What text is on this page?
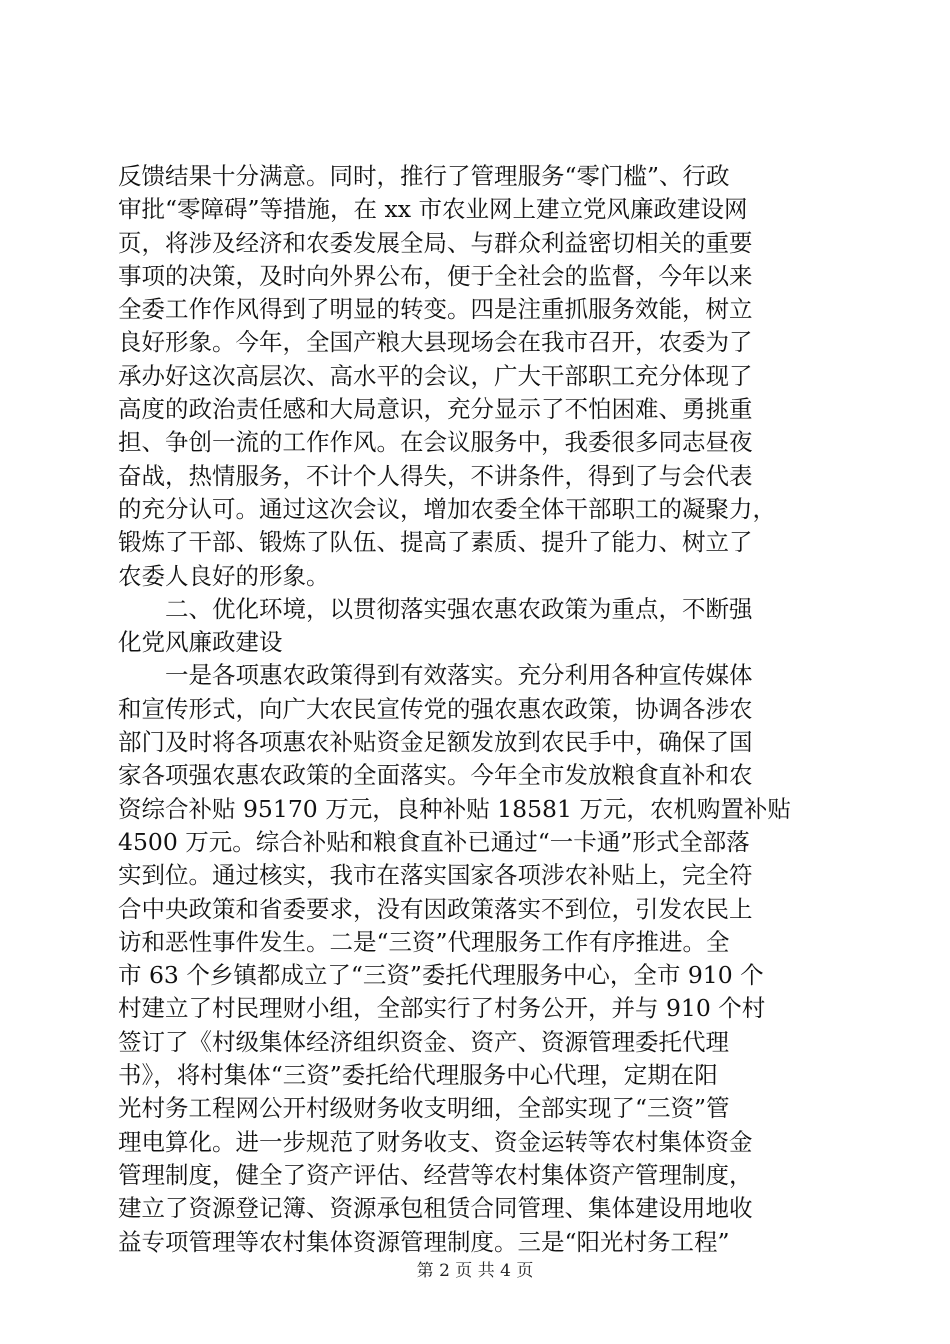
反馈结果十分满意。同时，推行了管理服务“零门槛”、行政
审批“零障碍”等措施，在 xx 市农业网上建立党风廉政建设网
页，将涉及经济和农委发展全局、与群众利益密切相关的重要
事项的决策，及时向外界公布，便于全社会的监督，今年以来
全委工作作风得到了明显的转变。四是注重抓服务效能，树立
良好形象。今年，全国产粮大县现场会在我市召开，农委为了
承办好这次高层次、高水平的会议，广大干部职工充分体现了
高度的政治责任感和大局意识，充分显示了不怕困难、勇挑重
担、争创一流的工作作风。在会议服务中，我委很多同志昼夜
奋战，热情服务，不计个人得失，不讲条件，得到了与会代表
的充分认可。通过这次会议，增加农委全体干部职工的凝聚力，
锻炼了干部、锻炼了队伍、提高了素质、提升了能力、树立了
农委人良好的形象。
　　二、优化环境，以贯彻落实强农惠农政策为重点，不断强
化党风廉政建设
　　一是各项惠农政策得到有效落实。充分利用各种宣传媒体
和宣传形式，向广大农民宣传党的强农惠农政策，协调各涉农
部门及时将各项惠农补贴资金足额发放到农民手中，确保了国
家各项强农惠农政策的全面落实。今年全市发放粮食直补和农
资综合补贴 95170 万元，良种补贴 18581 万元，农机购置补贴
4500 万元。综合补贴和粮食直补已通过“一卡通”形式全部落
实到位。通过核实，我市在落实国家各项涉农补贴上，完全符
合中央政策和省委要求，没有因政策落实不到位，引发农民上
访和恶性事件发生。二是“三资”代理服务工作有序推进。全
市 63 个乡镇都成立了“三资”委托代理服务中心，全市 910 个
村建立了村民理财小组，全部实行了村务公开，并与 910 个村
签订了《村级集体经济组织资金、资产、资源管理委托代理
书》，将村集体“三资”委托给代理服务中心代理，定期在阳
光村务工程网公开村级财务收支明细，全部实现了“三资”管
理电算化。进一步规范了财务收支、资金运转等农村集体资金
管理制度，健全了资产评估、经营等农村集体资产管理制度，
建立了资源登记簿、资源承包租赁合同管理、集体建设用地收
益专项管理等农村集体资源管理制度。三是“阳光村务工程”
第 2 页 共 4 页
